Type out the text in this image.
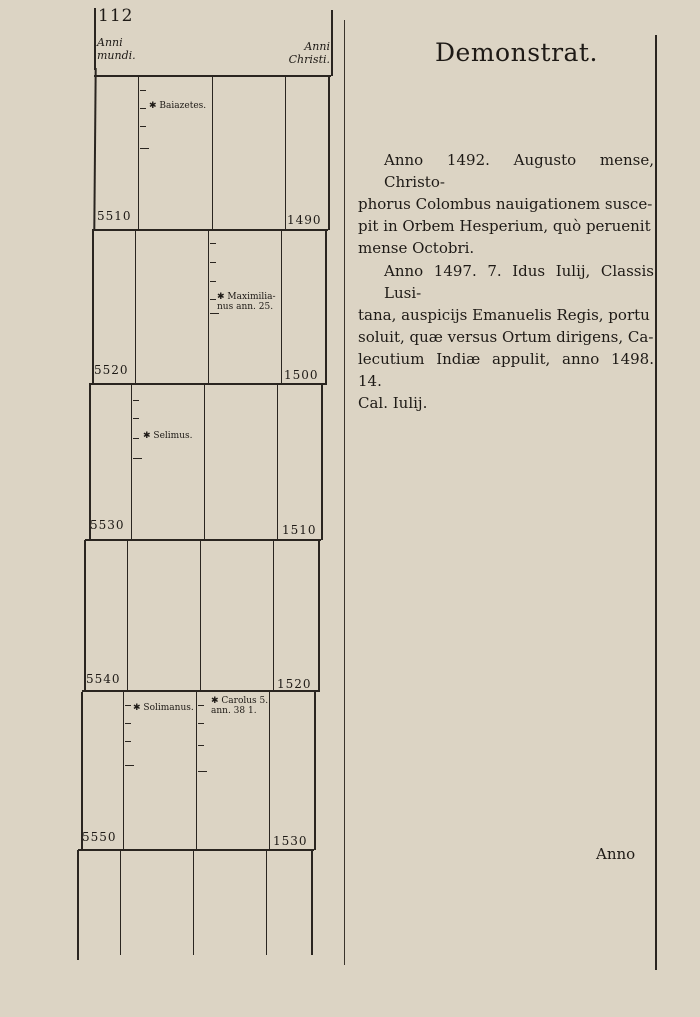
112
Anni
mundi.
Anni
Christi.
✱ Baiazetes.
✱ Maximilia-
nus ann. 25.
✱ Selimus.
✱ Solimanus.
✱ Carolus 5.
ann. 38 1.
5510	1490
5520	1500
5530	1510
5540	1520
5550	1530
Demonstrat.
Anno 1492. Augusto mense, Christo-
phorus Colombus nauigationem susce-
pit in Orbem Hesperium, quò peruenit
mense Octobri.
Anno 1497. 7. Idus Iulij, Classis Lusi-
tana, auspicijs Emanuelis Regis, portu
soluit, quæ versus Ortum dirigens, Ca-
lecutium Indiæ appulit, anno 1498. 14.
Cal. Iulij.
Anno
